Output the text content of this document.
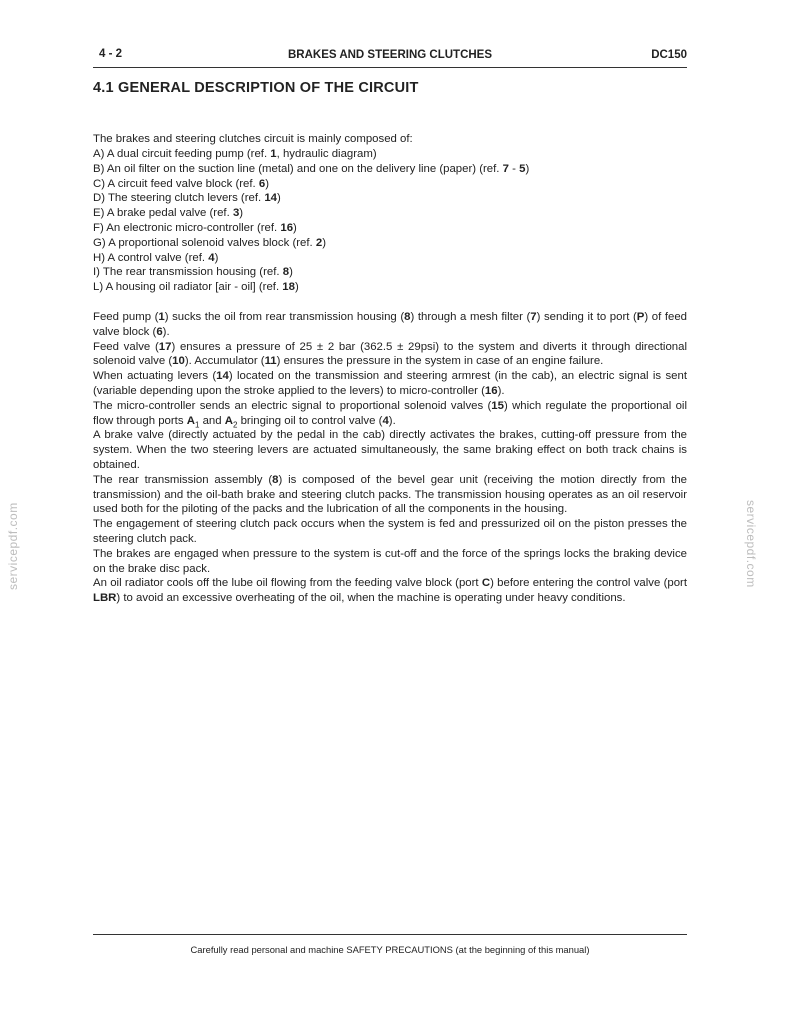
4 - 2	BRAKES AND STEERING CLUTCHES	DC150
4.1 GENERAL DESCRIPTION OF THE CIRCUIT
The brakes and steering clutches circuit is mainly composed of:
A) A dual circuit feeding pump (ref. 1, hydraulic diagram)
B) An oil filter on the suction line (metal) and one on the delivery line (paper) (ref. 7 - 5)
C) A circuit feed valve block (ref. 6)
D) The steering clutch levers (ref. 14)
E) A brake pedal valve (ref. 3)
F) An electronic micro-controller (ref. 16)
G) A proportional solenoid valves block (ref. 2)
H) A control valve (ref. 4)
I) The rear transmission housing (ref. 8)
L) A housing oil radiator [air - oil] (ref. 18)

Feed pump (1) sucks the oil from rear transmission housing (8) through a mesh filter (7) sending it to port (P) of feed valve block (6).

Feed valve (17) ensures a pressure of 25 ± 2 bar (362.5 ± 29psi) to the system and diverts it through directional solenoid valve (10). Accumulator (11) ensures the pressure in the system in case of an engine failure.

When actuating levers (14) located on the transmission and steering armrest (in the cab), an electric signal is sent (variable depending upon the stroke applied to the levers) to micro-controller (16).

The micro-controller sends an electric signal to proportional solenoid valves (15) which regulate the proportional oil flow through ports $A_1$ and $A_2$ bringing oil to control valve (4).

A brake valve (directly actuated by the pedal in the cab) directly activates the brakes, cutting-off pressure from the system. When the two steering levers are actuated simultaneously, the same braking effect on both track chains is obtained.

The rear transmission assembly (8) is composed of the bevel gear unit (receiving the motion directly from the transmission) and the oil-bath brake and steering clutch packs. The transmission housing operates as an oil reservoir used both for the piloting of the packs and the lubrication of all the components in the housing.

The engagement of steering clutch pack occurs when the system is fed and pressurized oil on the piston presses the steering clutch pack.

The brakes are engaged when pressure to the system is cut-off and the force of the springs locks the braking device on the brake disc pack.

An oil radiator cools off the lube oil flowing from the feeding valve block (port C) before entering the control valve (port LBR) to avoid an excessive overheating of the oil, when the machine is operating under heavy conditions.

Carefully read personal and machine SAFETY PRECAUTIONS (at the beginning of this manual)
servicepdf.com	servicepdf.com
